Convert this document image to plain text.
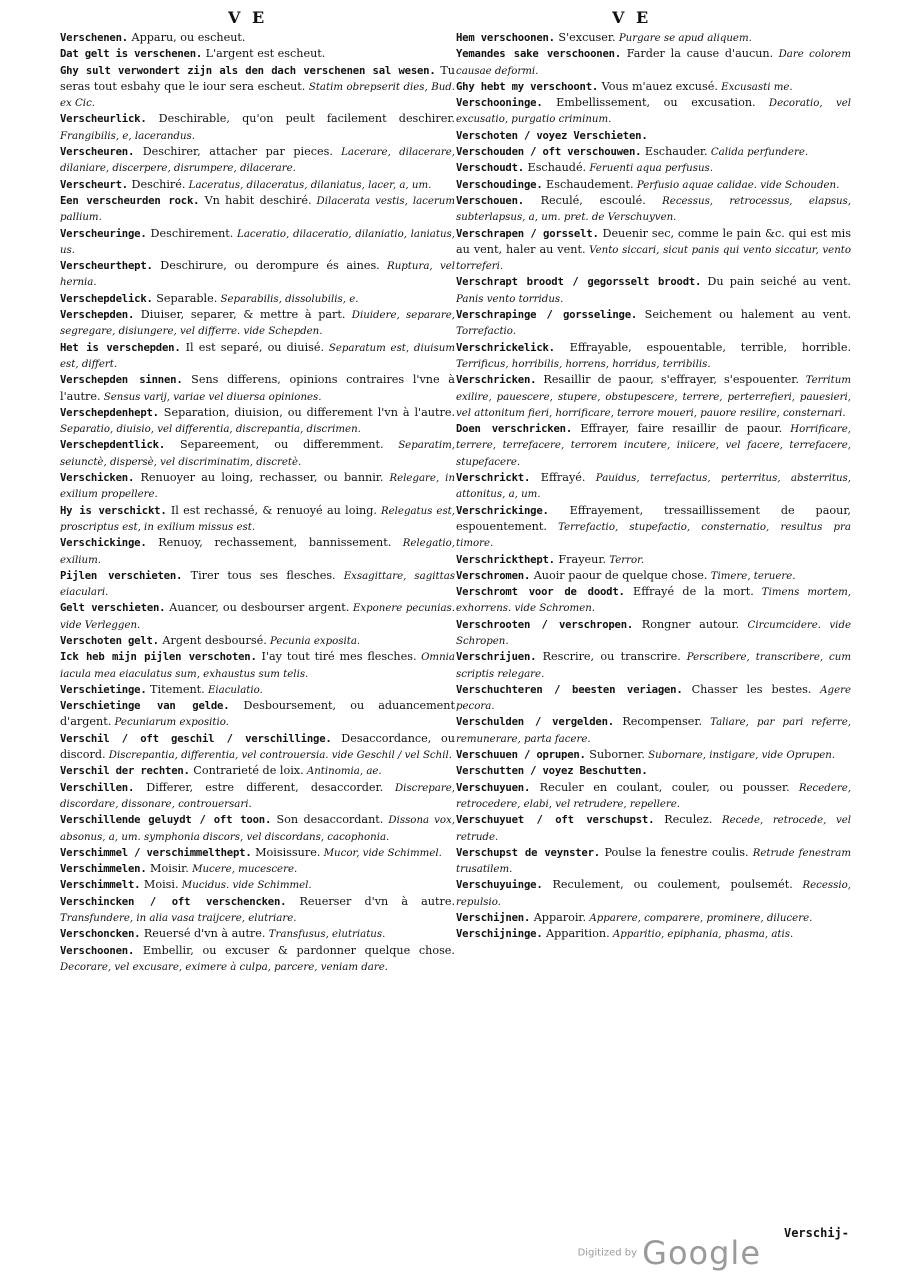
V E	V E
Verschenen. Apparu, ou escheut.
Dat gelt is verschenen. L'argent est escheut.
Ghy sult verwondert zijn als den dach verschenen sal wesen. Tu seras tout esbahy que le iour sera escheut. Statim obrepserit dies, Bud. ex Cic.
Verscheurlick. Deschirable, qu'on peult facilement deschirer. Frangibilis, e, lacerandus.
Verscheuren. Deschirer, attacher par pieces. Lacerare, dilacerare, dilaniare, discerpere, disrumpere, dilacerare.
Verscheurt. Deschiré. Laceratus, dilaceratus, dilaniatus, lacer, a, um.
Een verscheurden rock. Vn habit deschiré. Dilacerata vestis, lacerum pallium.
Verscheuringe. Deschirement. Laceratio, dilaceratio, dilaniatio, laniatus, us.
Verscheurthept. Deschirure, ou derompure és aines. Ruptura, vel hernia.
Verschepdelick. Separable. Separabilis, dissolubilis, e.
Verschepden. Diuiser, separer, & mettre à part. Diuidere, separare, segregare, disiungere, vel differre. vide Schepden.
Het is verschepden. Il est separé, ou diuisé. Separatum est, diuisum est, differt.
Verschepden sinnen. Sens differens, opinions contraires l'vne à l'autre. Sensus varij, variae vel diuersa opiniones.
Verschepdenhept. Separation, diuision, ou differement l'vn à l'autre. Separatio, diuisio, vel differentia, discrepantia, discrimen.
Verschepdentlick. Separeement, ou differemment. Separatim, seiunctè, dispersè, vel discriminatim, discretè.
Verschicken. Renuoyer au loing, rechasser, ou bannir. Relegare, in exilium propellere.
Hy is verschickt. Il est rechassé, & renuoyé au loing. Relegatus est, proscriptus est, in exilium missus est.
Verschickinge. Renuoy, rechassement, bannissement. Relegatio, exilium.
Pijlen verschieten. Tirer tous ses flesches. Exsagittare, sagittas eiaculari.
Gelt verschieten. Auancer, ou desbourser argent. Exponere pecunias. vide Verleggen.
Verschoten gelt. Argent desboursé. Pecunia exposita.
Ick heb mijn pijlen verschoten. I'ay tout tiré mes flesches. Omnia iacula mea eiaculatus sum, exhaustus sum telis.
Verschietinge. Titement. Eiaculatio.
Verschietinge van gelde. Desboursement, ou aduancement d'argent. Pecuniarum expositio.
Verschil / oft geschil / verschillinge. Desaccordance, ou discord. Discrepantia, differentia, vel controuersia. vide Geschil / vel Schil.
Verschil der rechten. Contrarieté de loix. Antinomia, ae.
Verschillen. Differer, estre different, desaccorder. Discrepare, discordare, dissonare, controuersari.
Verschillende geluydt / oft toon. Son desaccordant. Dissona vox, absonus, a, um. symphonia discors, vel discordans, cacophonia.
Verschimmel / verschimmelthept. Moisissure. Mucor, vide Schimmel.
Verschimmelen. Moisir. Mucere, mucescere.
Verschimmelt. Moisi. Mucidus. vide Schimmel.
Verschincken / oft verschencken. Reuerser d'vn à autre. Transfundere, in alia vasa traijcere, elutriare.
Verschoncken. Reuersé d'vn à autre. Transfusus, elutriatus.
Verschoonen. Embellir, ou excuser & pardonner quelque chose. Decorare, vel excusare, eximere à culpa, parcere, veniam dare.
Hem verschoonen. S'excuser. Purgare se apud aliquem.
Yemandes sake verschoonen. Farder la cause d'aucun. Dare colorem causae deformi.
Ghy hebt my verschoont. Vous m'auez excusé. Excusasti me.
Verschooninge. Embellissement, ou excusation. Decoratio, vel excusatio, purgatio criminum.
Verschoten / voyez Verschieten.
Verschouden / oft verschouwen. Eschauder. Calida perfundere.
Verschoudt. Eschaudé. Feruenti aqua perfusus.
Verschoudinge. Eschaudement. Perfusio aquae calidae. vide Schouden.
Verschouen. Reculé, escoulé. Recessus, retrocessus, elapsus, subterlapsus, a, um. pret. de Verschuyven.
Verschrapen / gorsselt. Deuenir sec, comme le pain &c. qui est mis au vent, haler au vent. Vento siccari, sicut panis qui vento siccatur, vento torreferi.
Verschrapt broodt / gegorsselt broodt. Du pain seiché au vent. Panis vento torridus.
Verschrapinge / gorsselinge. Seichement ou halement au vent. Torrefactio.
Verschrickelick. Effrayable, espouentable, terrible, horrible. Terrificus, horribilis, horrens, horridus, terribilis.
Verschricken. Resaillir de paour, s'effrayer, s'espouenter. Territum exilire, pauescere, stupere, obstupescere, terrere, perterrefieri, pauesieri, vel attonitum fieri, horrificare, terrore moueri, pauore resilire, consternari.
Doen verschricken. Effrayer, faire resaillir de paour. Horrificare, terrere, terrefacere, terrorem incutere, iniicere, vel facere, terrefacere, stupefacere.
Verschrickt. Effrayé. Pauidus, terrefactus, perterritus, absterritus, attonitus, a, um.
Verschrickinge. Effrayement, tressaillissement de paour, espouentement. Terrefactio, stupefactio, consternatio, resultus pra timore.
Verschrickthept. Frayeur. Terror.
Verschromen. Auoir paour de quelque chose. Timere, teruere.
Verschromt voor de doodt. Effrayé de la mort. Timens mortem, exhorrens. vide Schromen.
Verschrooten / verschropen. Rongner autour. Circumcidere. vide Schropen.
Verschrijuen. Rescrire, ou transcrire. Perscribere, transcribere, cum scriptis relegare.
Verschuchteren / beesten veriagen. Chasser les bestes. Agere pecora.
Verschulden / vergelden. Recompenser. Taliare, par pari referre, remunerare, parta facere.
Verschuuen / oprupen. Suborner. Subornare, instigare, vide Oprupen.
Verschutten / voyez Beschutten.
Verschuyuen. Reculer en coulant, couler, ou pousser. Recedere, retrocedere, elabi, vel retrudere, repellere.
Verschuyuet / oft verschupst. Reculez. Recede, retrocede, vel retrude.
Verschupst de veynster. Poulse la fenestre coulis. Retrude fenestram trusatilem.
Verschuyuinge. Reculement, ou coulement, poulsemét. Recessio, repulsio.
Verschijnen. Apparoir. Apparere, comparere, prominere, dilucere.
Verschijninge. Apparition. Apparitio, epiphania, phasma, atis.
Verschij-
Digitized by Google
